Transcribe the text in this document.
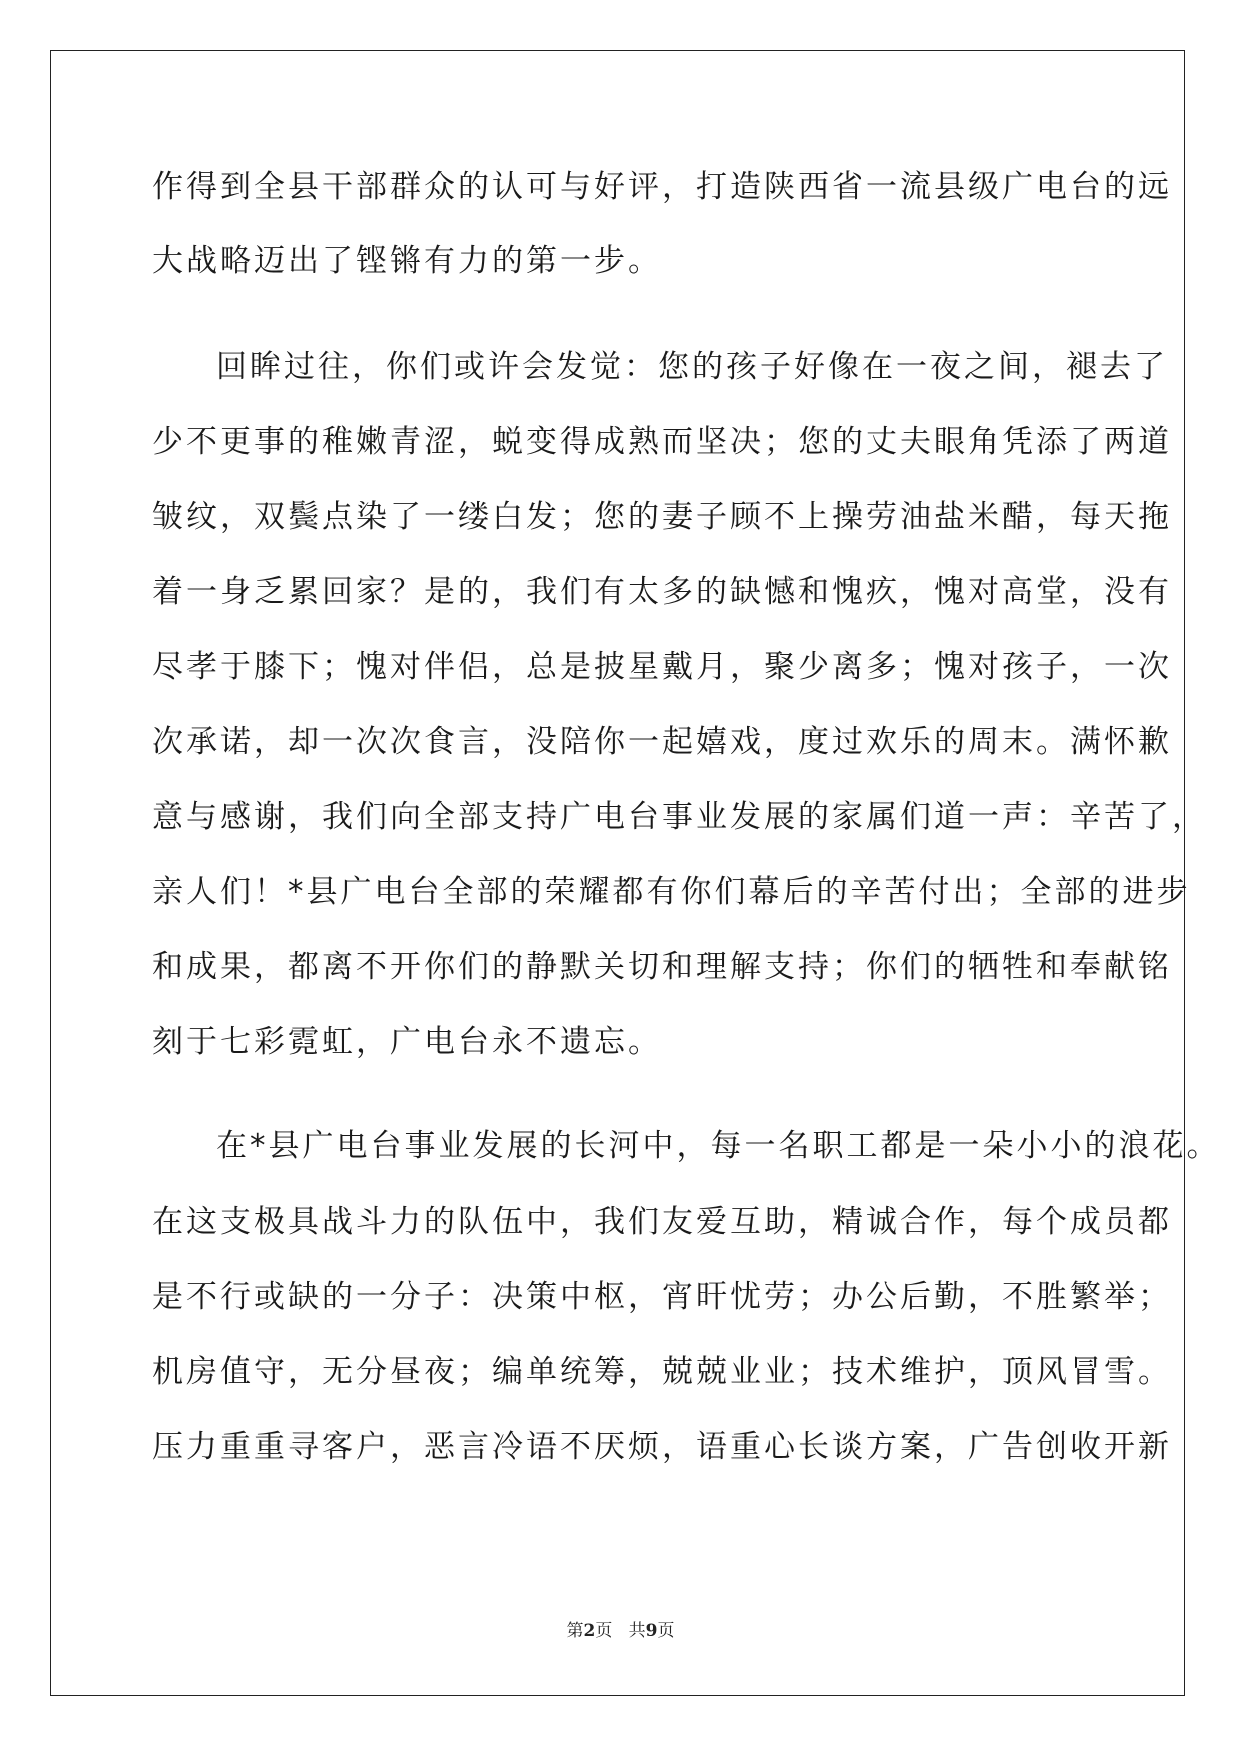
作得到全县干部群众的认可与好评，打造陕西省一流县级广电台的远
大战略迈出了铿锵有力的第一步。
回眸过往，你们或许会发觉：您的孩子好像在一夜之间，褪去了
少不更事的稚嫩青涩，蜕变得成熟而坚决；您的丈夫眼角凭添了两道
皱纹，双鬓点染了一缕白发；您的妻子顾不上操劳油盐米醋，每天拖
着一身乏累回家？是的，我们有太多的缺憾和愧疚，愧对高堂，没有
尽孝于膝下；愧对伴侣，总是披星戴月，聚少离多；愧对孩子，一次
次承诺，却一次次食言，没陪你一起嬉戏，度过欢乐的周末。满怀歉
意与感谢，我们向全部支持广电台事业发展的家属们道一声：辛苦了，
亲人们！*县广电台全部的荣耀都有你们幕后的辛苦付出；全部的进步
和成果，都离不开你们的静默关切和理解支持；你们的牺牲和奉献铭
刻于七彩霓虹，广电台永不遗忘。
在*县广电台事业发展的长河中，每一名职工都是一朵小小的浪花。
在这支极具战斗力的队伍中，我们友爱互助，精诚合作，每个成员都
是不行或缺的一分子：决策中枢，宵旰忧劳；办公后勤，不胜繁举；
机房值守，无分昼夜；编单统筹，兢兢业业；技术维护，顶风冒雪。
压力重重寻客户，恶言冷语不厌烦，语重心长谈方案，广告创收开新
第2页   共9页
